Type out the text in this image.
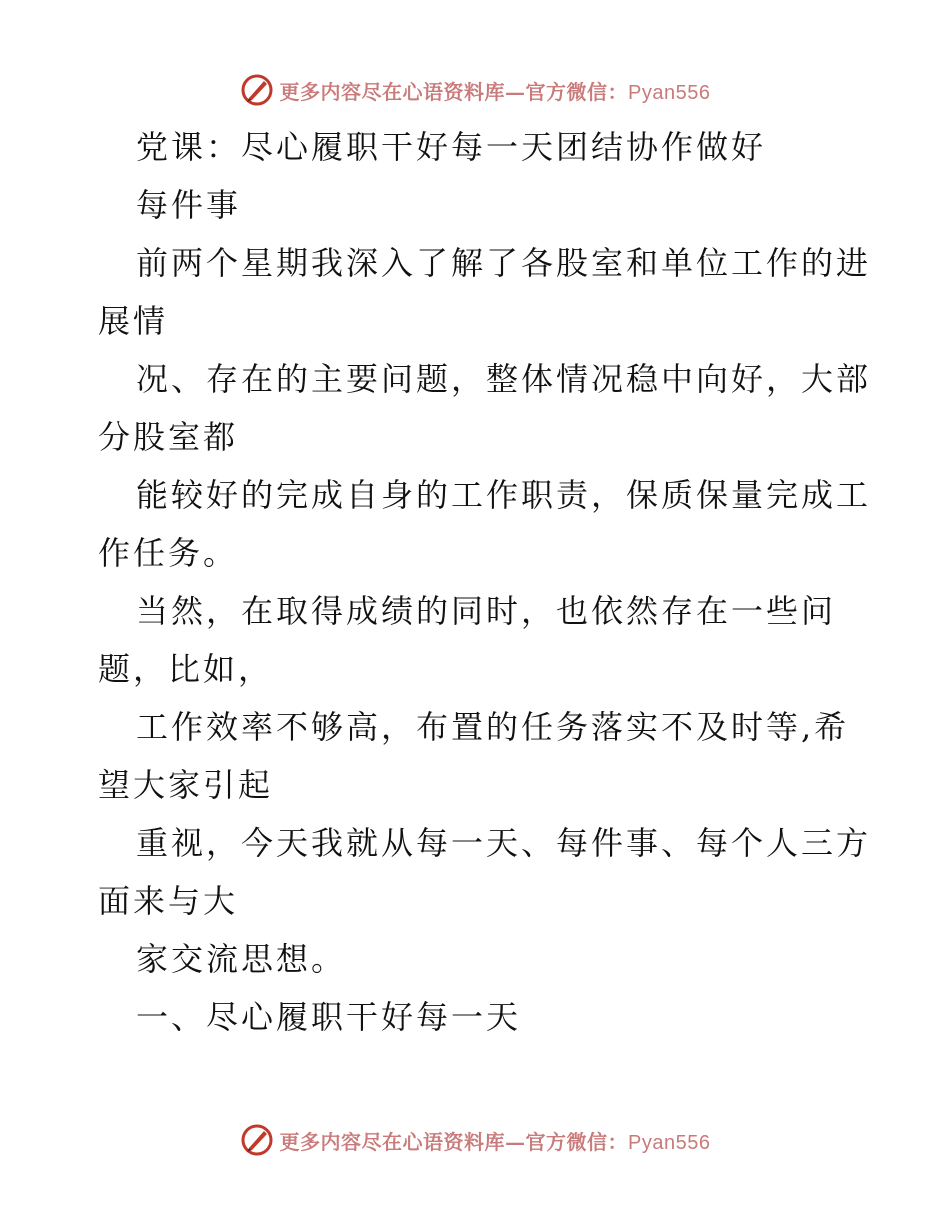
更多内容尽在心语资料库—官方微信：Pyan556
党课：尽心履职干好每一天团结协作做好
每件事
前两个星期我深入了解了各股室和单位工作的进
展情
况、存在的主要问题，整体情况稳中向好，大部
分股室都
能较好的完成自身的工作职责，保质保量完成工
作任务。
当然，在取得成绩的同时，也依然存在一些问
题，比如，
工作效率不够高，布置的任务落实不及时等,希
望大家引起
重视，今天我就从每一天、每件事、每个人三方
面来与大
家交流思想。
一、尽心履职干好每一天
更多内容尽在心语资料库—官方微信：Pyan556
